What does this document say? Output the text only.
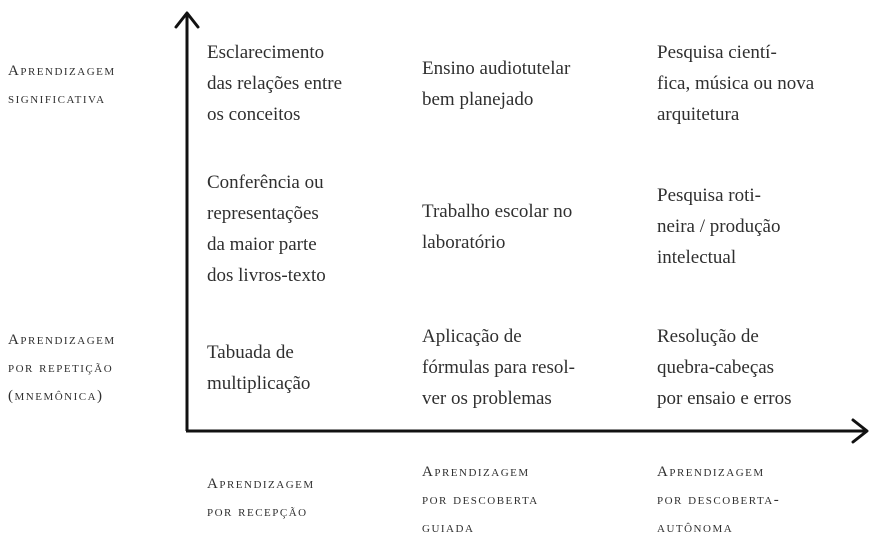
Aprendizagem
significativa
Aprendizagem
por repetição
(mnemônica)
Aprendizagem
por recepção
Aprendizagem
por descoberta
guiada
Aprendizagem
por descoberta-
autônoma
Esclarecimento
das relações entre
os conceitos
Ensino audiotutelar
bem planejado
Pesquisa cientí-
fica, música ou nova
arquitetura
Conferência ou
representações
da maior parte
dos livros-texto
Trabalho escolar no
laboratório
Pesquisa roti-
neira / produção
intelectual
Tabuada de
multiplicação
Aplicação de
fórmulas para resol-
ver os problemas
Resolução de
quebra-cabeças
por ensaio e erros
